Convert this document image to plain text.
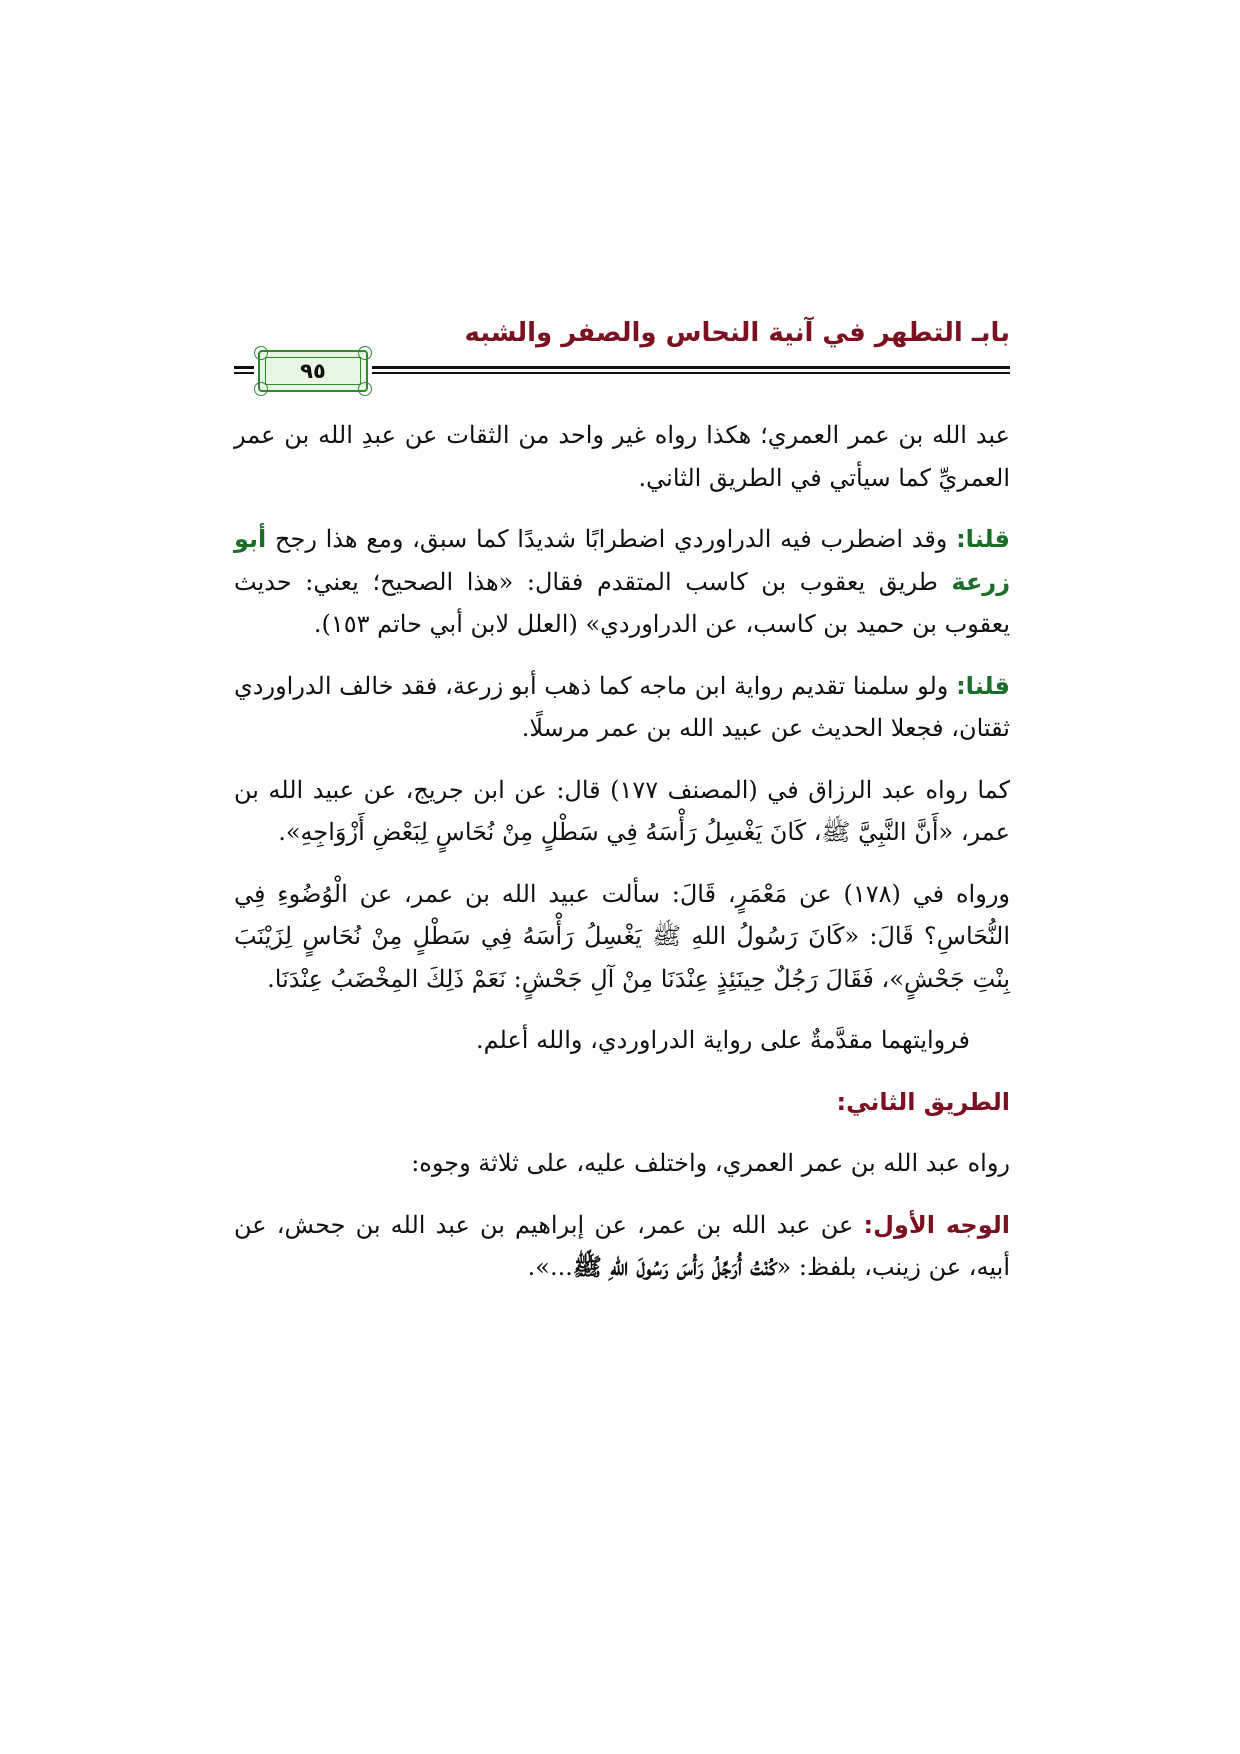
بابـ التطهر في آنية النحاس والصفر والشبه
٩٥

عبد الله بن عمر العمري؛ هكذا رواه غير واحد من الثقات عن عبدِ الله بن عمر العمريِّ كما سيأتي في الطريق الثاني.

قلنا: وقد اضطرب فيه الدراوردي اضطرابًا شديدًا كما سبق، ومع هذا رجح أبو زرعة طريق يعقوب بن كاسب المتقدم فقال: «هذا الصحيح؛ يعني: حديث يعقوب بن حميد بن كاسب، عن الدراوردي» (العلل لابن أبي حاتم ١٥٣).

قلنا: ولو سلمنا تقديم رواية ابن ماجه كما ذهب أبو زرعة، فقد خالف الدراوردي ثقتان، فجعلا الحديث عن عبيد الله بن عمر مرسلًا.

كما رواه عبد الرزاق في (المصنف ١٧٧) قال: عن ابن جريج، عن عبيد الله بن عمر، «أَنَّ النَّبِيَّ ﷺ، كَانَ يَغْسِلُ رَأْسَهُ فِي سَطْلٍ مِنْ نُحَاسٍ لِبَعْضِ أَزْوَاجِهِ».

ورواه في (١٧٨) عن مَعْمَرٍ، قَالَ: سألت عبيد الله بن عمر، عن الْوُضُوءِ فِي النُّحَاسِ؟ قَالَ: «كَانَ رَسُولُ اللهِ ﷺ يَغْسِلُ رَأْسَهُ فِي سَطْلٍ مِنْ نُحَاسٍ لِزَيْنَبَ بِنْتِ جَحْشٍ»، فَقَالَ رَجُلٌ حِينَئِذٍ عِنْدَنَا مِنْ آلِ جَحْشٍ: نَعَمْ ذَلِكَ المِخْضَبُ عِنْدَنَا.

فروايتهما مقدَّمةٌ على رواية الدراوردي، والله أعلم.

الطريق الثاني:

رواه عبد الله بن عمر العمري، واختلف عليه، على ثلاثة وجوه:

الوجه الأول: عن عبد الله بن عمر، عن إبراهيم بن عبد الله بن جحش، عن أبيه، عن زينب، بلفظ: «كُنْتُ أُرَجِّلُ رَأْسَ رَسُولَ اللهِ ﷺ...».
